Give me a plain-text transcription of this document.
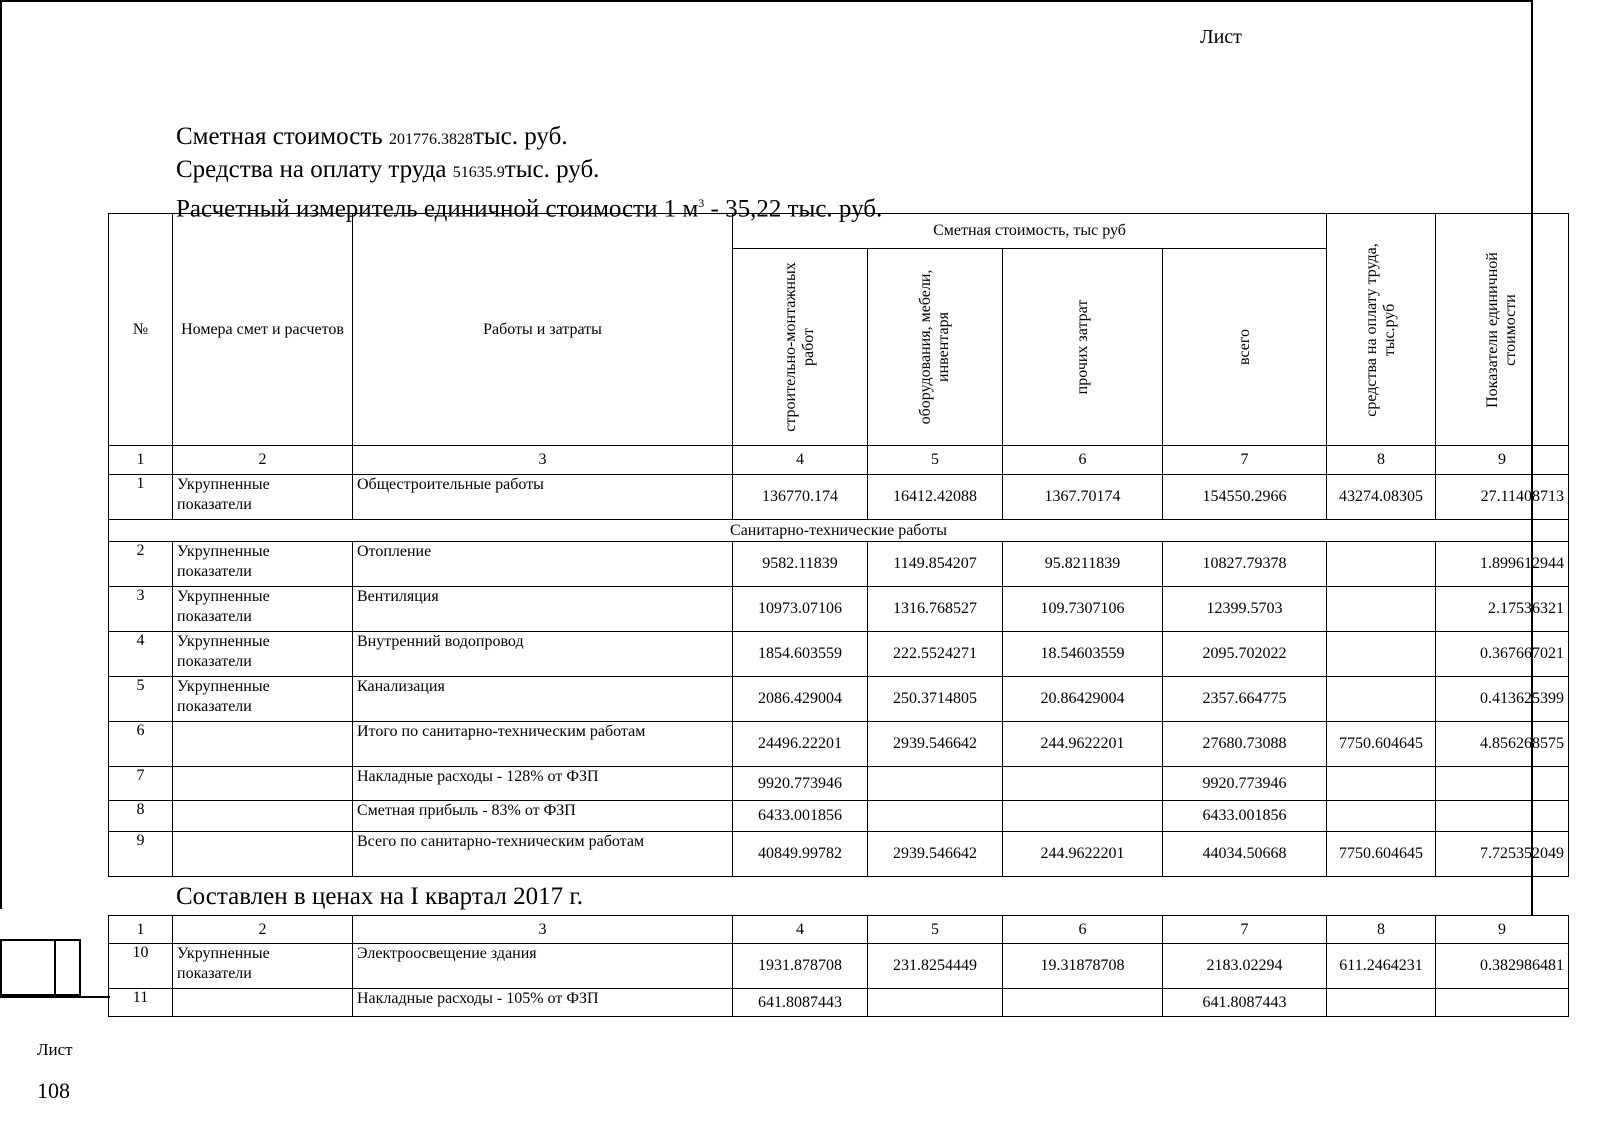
Лист
Лист
108
Сметная стоимость 201776.3828тыс. руб.
Средства на оплату труда 51635.9тыс. руб.
Расчетный измеритель единичной стоимости 1 $м^3 - 35,22$ тыс. руб.
№	Номера смет и расчетов	Работы и затраты	Сметная стоимость, тыс руб				средства на оплату труда, тыс.руб	Показатели единичной стоимости

			строительно-монтажных работ	оборудования, мебели, инвентаря	прочих затрат	всего		

1	2	3	4	5	6	7	8	9
1	Укрупненные показатели	Общестроительные работы	136770.174	16412.42088	1367.70174	154550.2966	43274.08305	27.11408713
Санитарно-технические работы								
2	Укрупненные показатели	Отопление	9582.11839	1149.854207	95.8211839	10827.79378		1.899612944
3	Укрупненные показатели	Вентиляция	10973.07106	1316.768527	109.7307106	12399.5703		2.17536321
4	Укрупненные показатели	Внутренний водопровод	1854.603559	222.5524271	18.54603559	2095.702022		0.367667021
5	Укрупненные показатели	Канализация	2086.429004	250.3714805	20.86429004	2357.664775		0.413625399
6		Итого по санитарно-техническим работам	24496.22201	2939.546642	244.9622201	27680.73088	7750.604645	4.856268575
7		Накладные расходы - 128% от ФЗП	9920.773946			9920.773946		
8		Сметная прибыль - 83% от ФЗП	6433.001856			6433.001856		
9		Всего по санитарно-техническим работам	40849.99782	2939.546642	244.9622201	44034.50668	7750.604645	7.725352049
Составлен в ценах на I квартал 2017 г.
1	2	3	4	5	6	7	8	9
10	Укрупненные показатели	Электроосвещение здания	1931.878708	231.8254449	19.31878708	2183.02294	611.2464231	0.382986481
11		Накладные расходы - 105% от ФЗП	641.8087443			641.8087443		
